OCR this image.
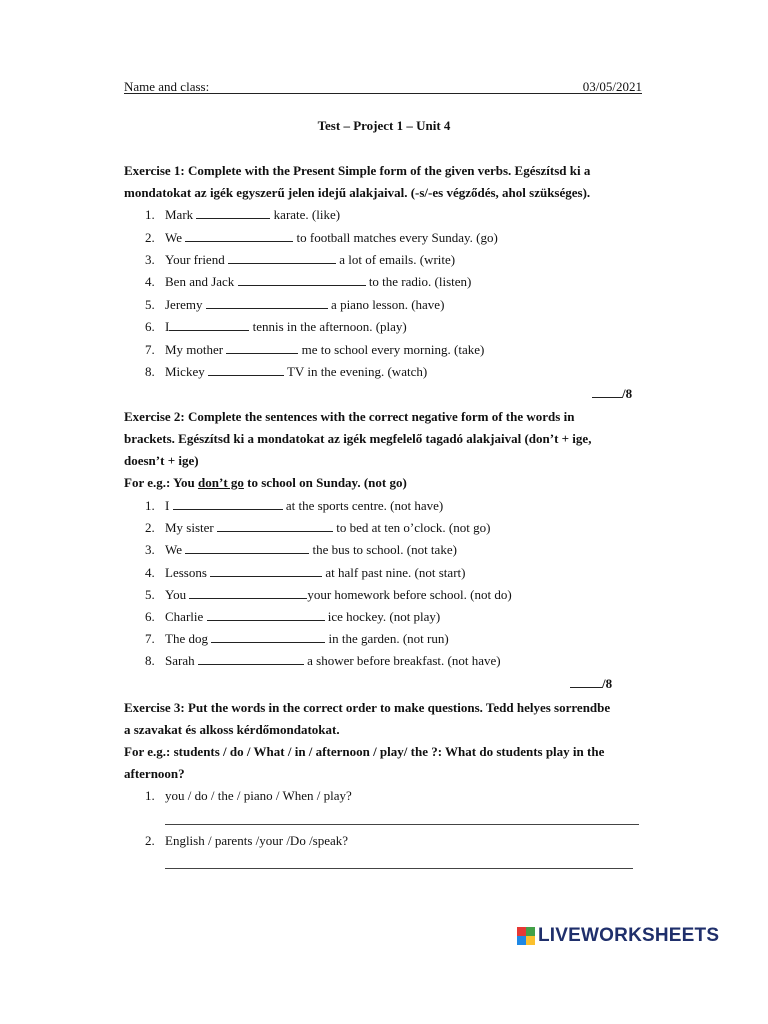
Name and class:	03/05/2021
Test – Project 1 – Unit 4
Exercise 1: Complete with the Present Simple form of the given verbs. Egészítsd ki a
mondatokat az igék egyszerű jelen idejű alakjaival. (-s/-es végződés, ahol szükséges).
1. Mark	karate. (like)
2. We	to football matches every Sunday. (go)
3. Your friend	a lot of emails. (write)
4. Ben and Jack	to the radio. (listen)
5. Jeremy	a piano lesson. (have)
6. I	tennis in the afternoon. (play)
7. My mother	me to school every morning. (take)
8. Mickey	TV in the evening. (watch)
/8
Exercise 2: Complete the sentences with the correct negative form of the words in
brackets. Egészítsd ki a mondatokat az igék megfelelő tagadó alakjaival (don’t + ige,
doesn’t + ige)
For e.g.: You don’t go to school on Sunday. (not go)
1. I	at the sports centre. (not have)
2. My sister	to bed at ten o’clock. (not go)
3. We	the bus to school. (not take)
4. Lessons	at half past nine. (not start)
5. You	your homework before school. (not do)
6. Charlie	ice hockey. (not play)
7. The dog	in the garden. (not run)
8. Sarah	a shower before breakfast. (not have)
/8
Exercise 3: Put the words in the correct order to make questions. Tedd helyes sorrendbe
a szavakat és alkoss kérdőmondatokat.
For e.g.: students / do / What / in / afternoon / play/ the ?: What do students play in the
afternoon?
1. you / do / the / piano / When / play?
2. English / parents /your /Do /speak?
LIVEWORKSHEETS
